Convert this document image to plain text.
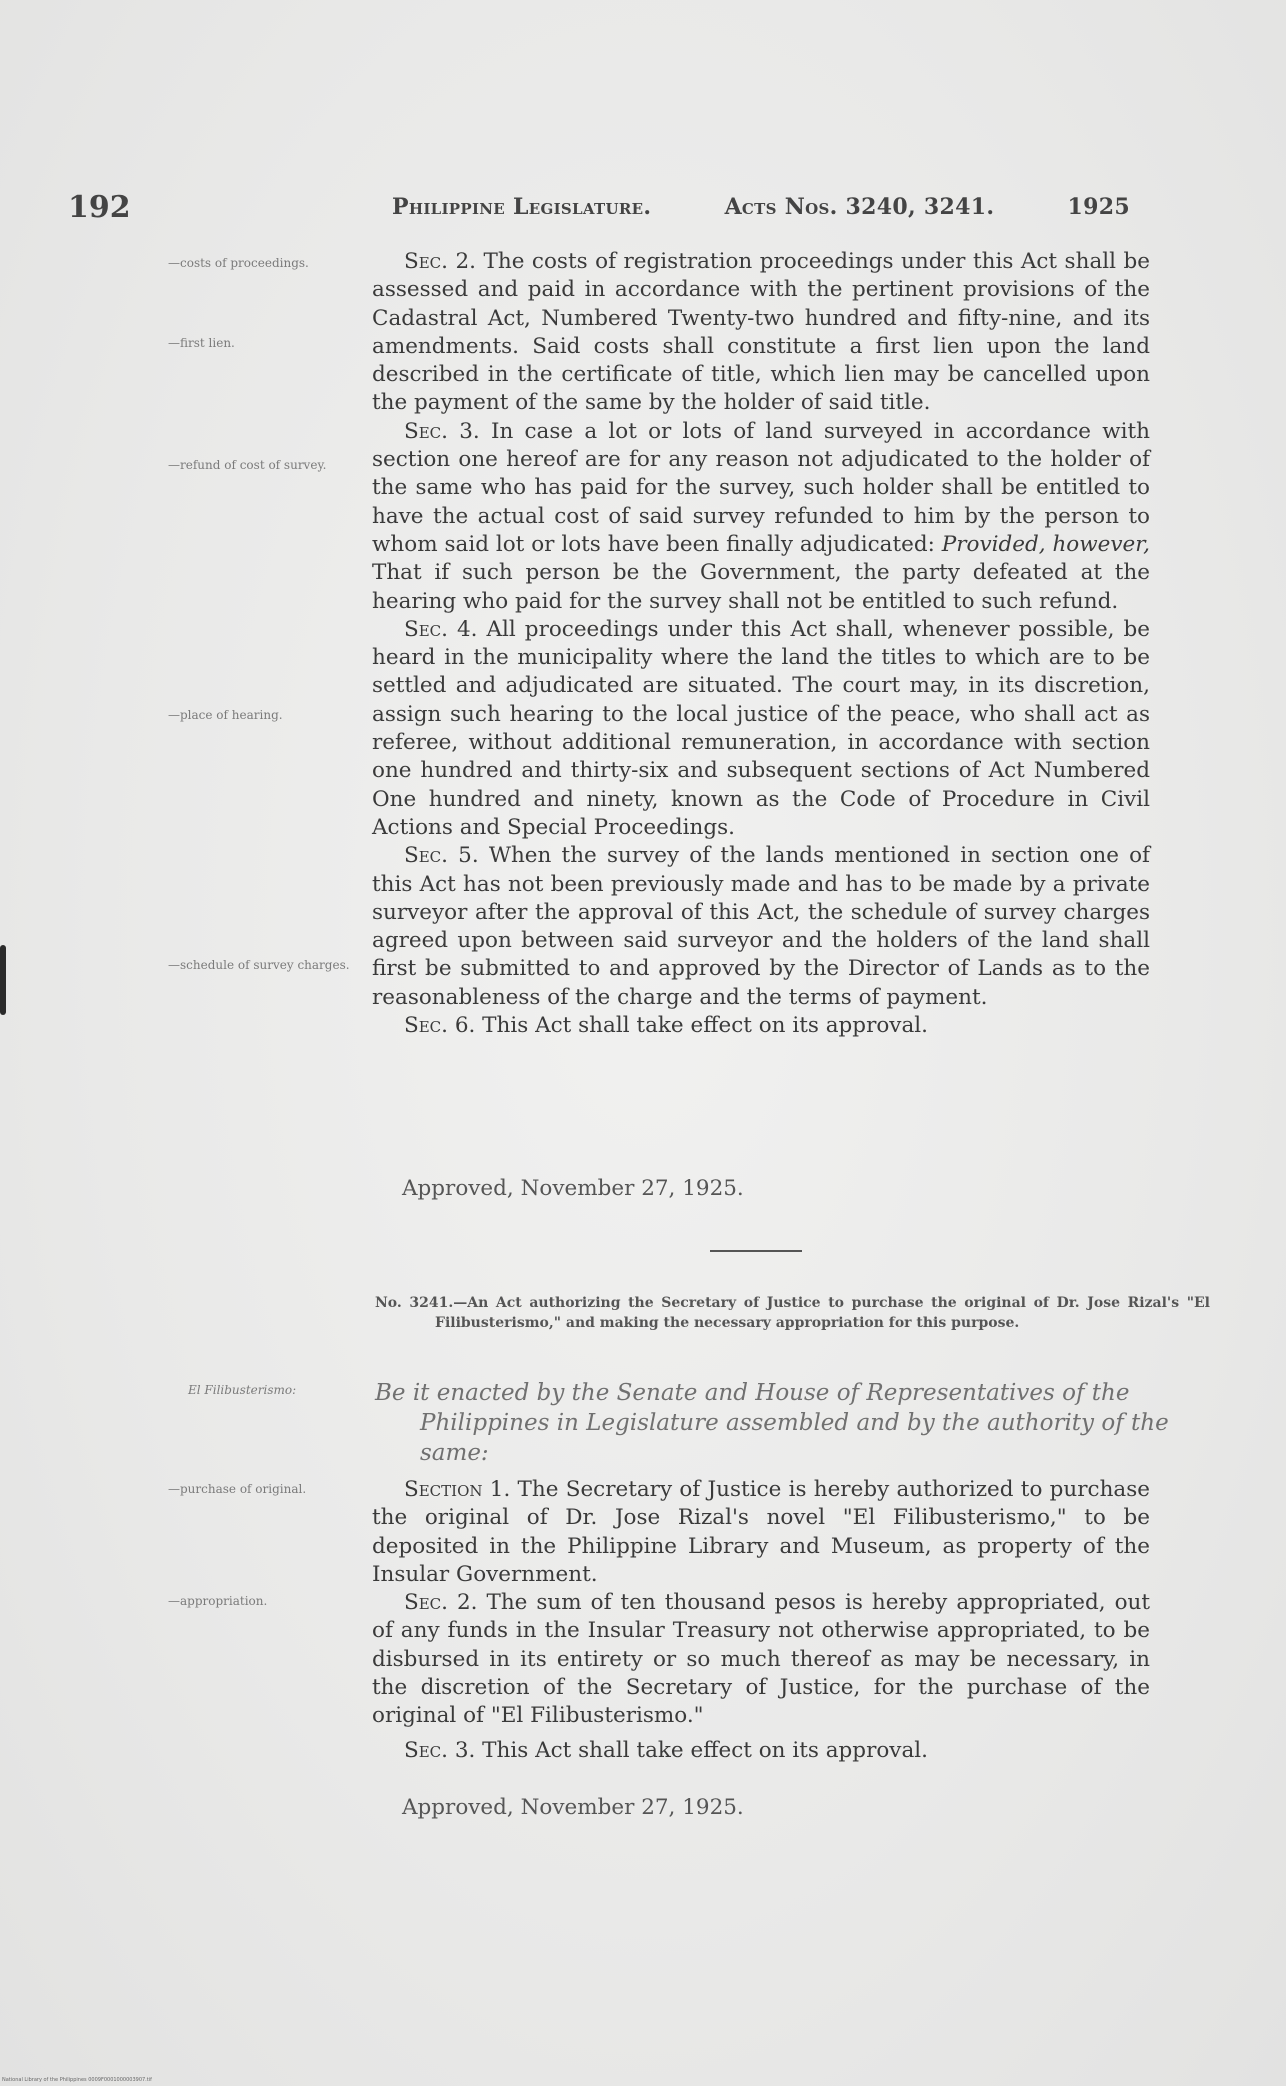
192	Philippine Legislature.	Acts Nos. 3240, 3241.	1925
—costs of proceedings.
—first lien.
—refund of cost of survey.
—place of hearing.
—schedule of survey charges.
El Filibusterismo:
—purchase of original.
—appropriation.

Sec. 2. The costs of registration proceedings under this Act shall be assessed and paid in accordance with the pertinent provisions of the Cadastral Act, Numbered Twenty-two hundred and fifty-nine, and its amendments. Said costs shall constitute a first lien upon the land described in the certificate of title, which lien may be cancelled upon the payment of the same by the holder of said title.

Sec. 3. In case a lot or lots of land surveyed in accordance with section one hereof are for any reason not adjudicated to the holder of the same who has paid for the survey, such holder shall be entitled to have the actual cost of said survey refunded to him by the person to whom said lot or lots have been finally adjudicated: Provided, however, That if such person be the Government, the party defeated at the hearing who paid for the survey shall not be entitled to such refund.

Sec. 4. All proceedings under this Act shall, whenever possible, be heard in the municipality where the land the titles to which are to be settled and adjudicated are situated. The court may, in its discretion, assign such hearing to the local justice of the peace, who shall act as referee, without additional remuneration, in accordance with section one hundred and thirty-six and subsequent sections of Act Numbered One hundred and ninety, known as the Code of Procedure in Civil Actions and Special Proceedings.

Sec. 5. When the survey of the lands mentioned in section one of this Act has not been previously made and has to be made by a private surveyor after the approval of this Act, the schedule of survey charges agreed upon between said surveyor and the holders of the land shall first be submitted to and approved by the Director of Lands as to the reasonableness of the charge and the terms of payment.

Sec. 6. This Act shall take effect on its approval.

Approved, November 27, 1925.
No. 3241.—An Act authorizing the Secretary of Justice to purchase the original of Dr. Jose Rizal's "El Filibusterismo," and making the necessary appropriation for this purpose.
Be it enacted by the Senate and House of Representatives of the Philippines in Legislature assembled and by the authority of the same:

Section 1. The Secretary of Justice is hereby authorized to purchase the original of Dr. Jose Rizal's novel "El Filibusterismo," to be deposited in the Philippine Library and Museum, as property of the Insular Government.

Sec. 2. The sum of ten thousand pesos is hereby appropriated, out of any funds in the Insular Treasury not otherwise appropriated, to be disbursed in its entirety or so much thereof as may be necessary, in the discretion of the Secretary of Justice, for the purchase of the original of "El Filibusterismo."

Sec. 3. This Act shall take effect on its approval.

Approved, November 27, 1925.
National Library of the Philippines 0009F0001000003907.tif
